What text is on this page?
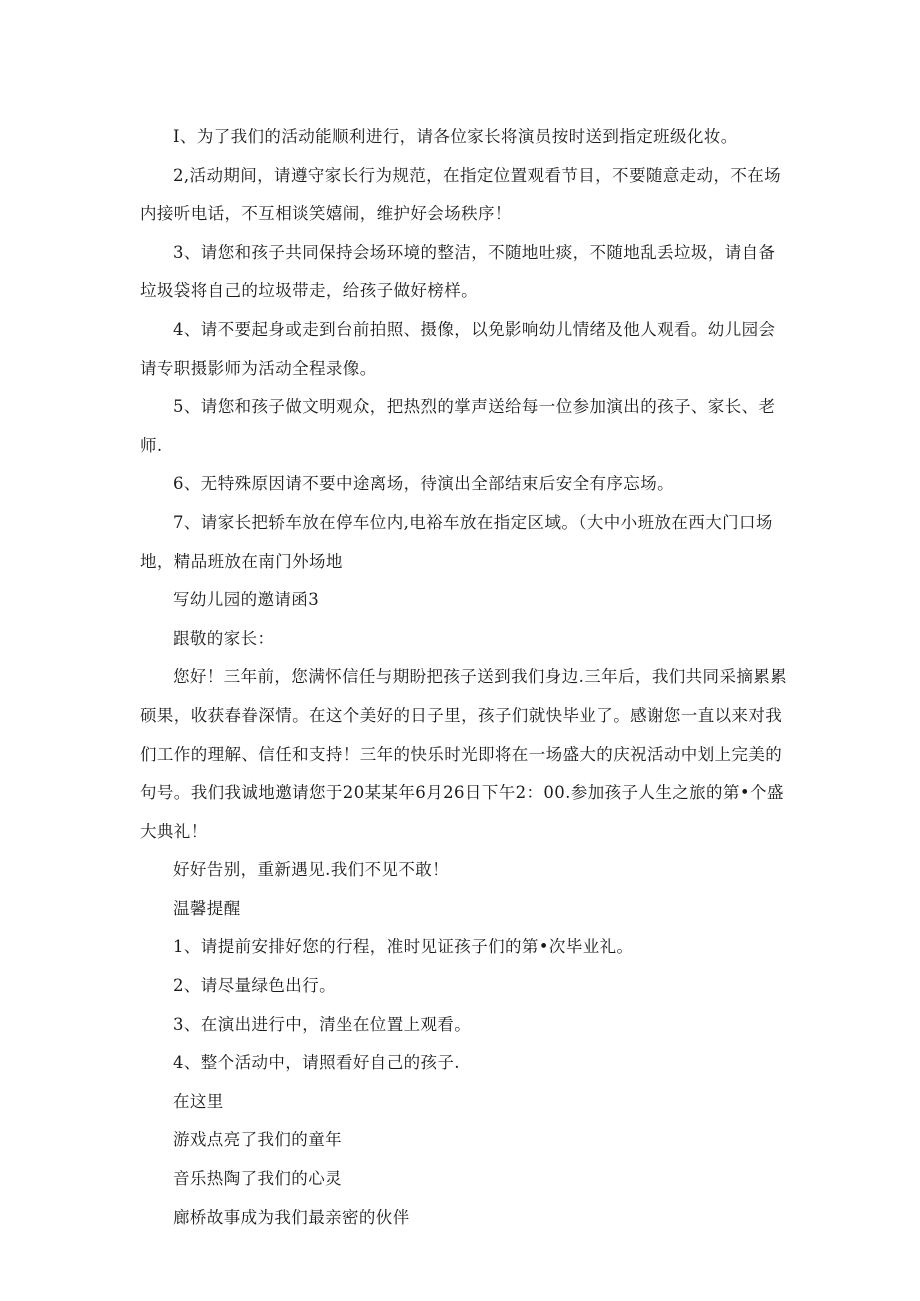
I、为了我们的活动能顺利进行，请各位家长将演员按时送到指定班级化妆。

2,活动期间，请遵守家长行为规范，在指定位置观看节目，不要随意走动，不在场内接听电话，不互相谈笑嬉闹，维护好会场秩序！

3、请您和孩子共同保持会场环境的整洁，不随地吐痰，不随地乱丢垃圾，请自备垃圾袋将自己的垃圾带走，给孩子做好榜样。

4、请不要起身或走到台前拍照、摄像，以免影响幼儿情绪及他人观看。幼儿园会请专职摄影师为活动全程录像。

5、请您和孩子做文明观众，把热烈的掌声送给每一位参加演出的孩子、家长、老师.

6、无特殊原因请不要中途离场，待演出全部结束后安全有序忘场。

7、请家长把轿车放在停车位内,电裕车放在指定区域。（大中小班放在西大门口场地，精品班放在南门外场地

写幼儿园的邀请函3

跟敬的家长：

您好！三年前，您满怀信任与期盼把孩子送到我们身边.三年后，我们共同采摘累累硕果，收获春眷深情。在这个美好的日子里，孩子们就快毕业了。感谢您一直以来对我们工作的理解、信任和支持！三年的快乐时光即将在一场盛大的庆祝活动中划上完美的句号。我们我诚地邀请您于20某某年6月26日下午2：00.参加孩子人生之旅的第•个盛大典礼！

好好告别，重新遇见.我们不见不敢！

温馨提醒

1、请提前安排好您的行程，准时见证孩子们的第•次毕业礼。

2、请尽量绿色出行。

3、在演出进行中，清坐在位置上观看。

4、整个活动中，请照看好自己的孩子.

在这里

游戏点亮了我们的童年

音乐热陶了我们的心灵

廊桥故事成为我们最亲密的伙伴
